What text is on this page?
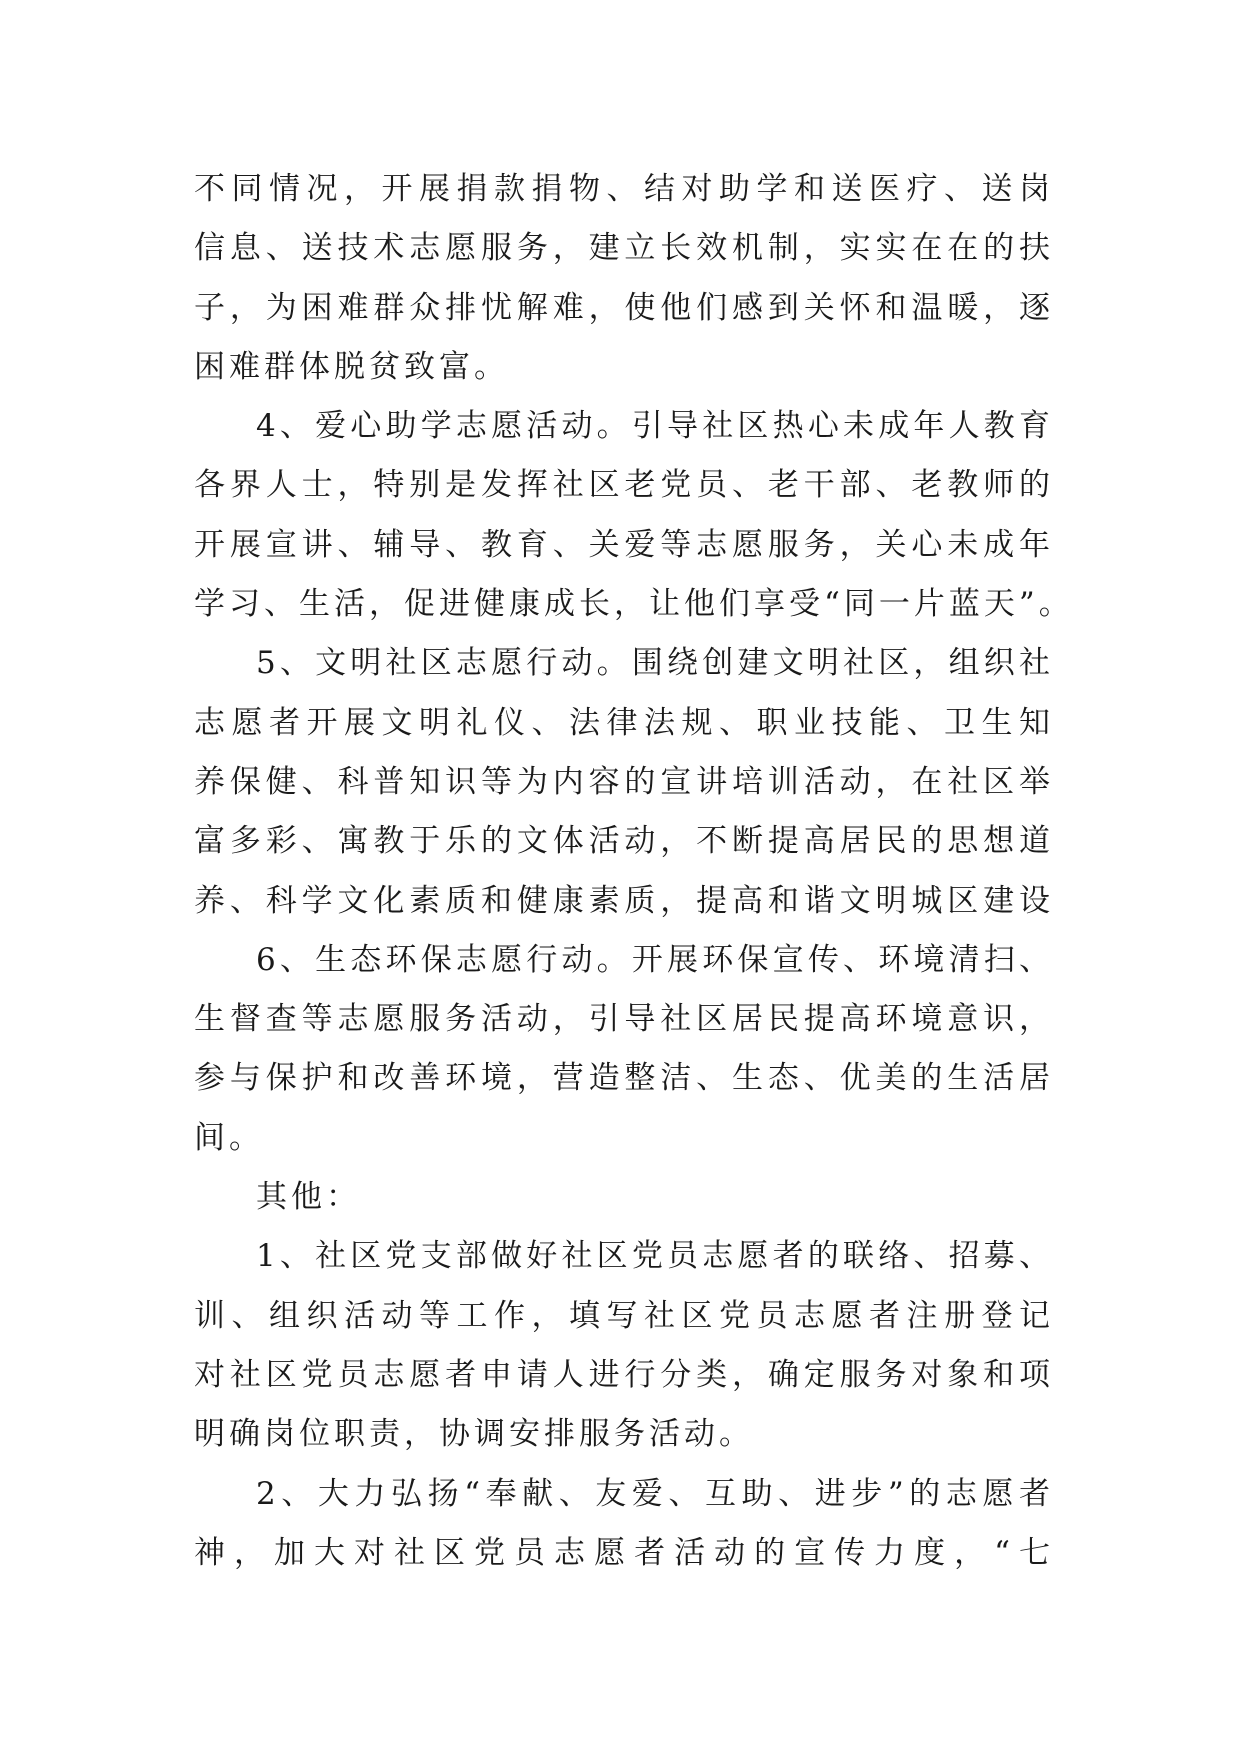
不同情况，开展捐款捐物、结对助学和送医疗、送岗
信息、送技术志愿服务，建立长效机制，实实在在的扶
子，为困难群众排忧解难，使他们感到关怀和温暖，逐
困难群体脱贫致富。
4、爱心助学志愿活动。引导社区热心未成年人教育
各界人士，特别是发挥社区老党员、老干部、老教师的
开展宣讲、辅导、教育、关爱等志愿服务，关心未成年
学习、生活，促进健康成长，让他们享受“同一片蓝天”。
5、文明社区志愿行动。围绕创建文明社区，组织社
志愿者开展文明礼仪、法律法规、职业技能、卫生知
养保健、科普知识等为内容的宣讲培训活动，在社区举
富多彩、寓教于乐的文体活动，不断提高居民的思想道
养、科学文化素质和健康素质，提高和谐文明城区建设
6、生态环保志愿行动。开展环保宣传、环境清扫、
生督查等志愿服务活动，引导社区居民提高环境意识，
参与保护和改善环境，营造整洁、生态、优美的生活居
间。
其他：
1、社区党支部做好社区党员志愿者的联络、招募、
训、组织活动等工作，填写社区党员志愿者注册登记
对社区党员志愿者申请人进行分类，确定服务对象和项
明确岗位职责，协调安排服务活动。
2、大力弘扬“奉献、友爱、互助、进步”的志愿者
神，加大对社区党员志愿者活动的宣传力度，“七
